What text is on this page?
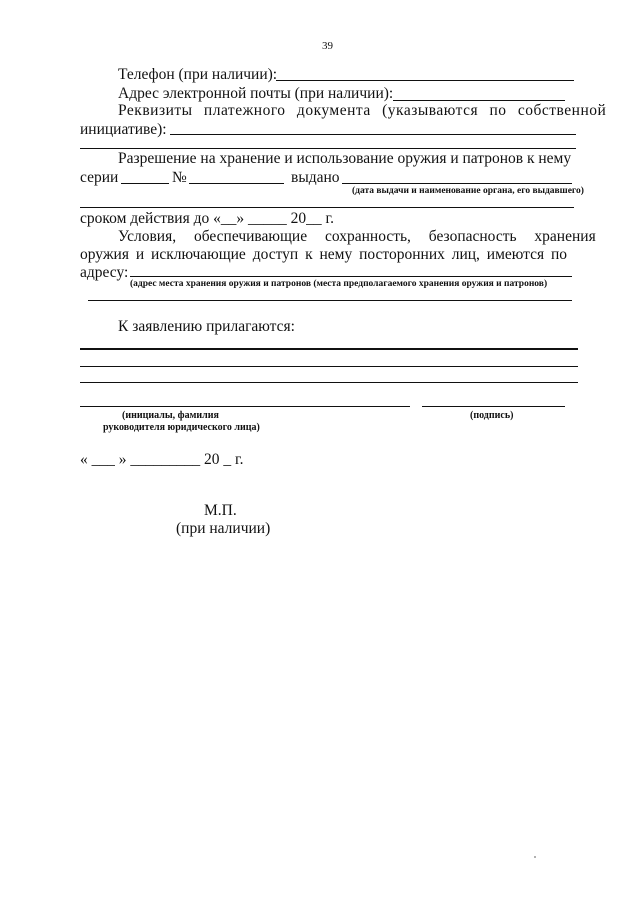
39
Телефон (при наличии):
Адрес электронной почты (при наличии):
Реквизиты платежного документа (указываются по собственной
инициативе):
Разрешение на хранение и использование оружия и патронов к нему
серии	№	выдано
(дата выдачи и наименование органа, его выдавшего)
сроком действия до «__» _____ 20__ г.
Условия, обеспечивающие сохранность, безопасность хранения
оружия и исключающие доступ к нему посторонних лиц, имеются по
адресу:
(адрес места хранения оружия и патронов (места предполагаемого хранения оружия и патронов)
К заявлению прилагаются:
(инициалы, фамилия
руководителя юридического лица)
(подпись)
« ___ » _________ 20 _ г.
М.П.
(при наличии)
